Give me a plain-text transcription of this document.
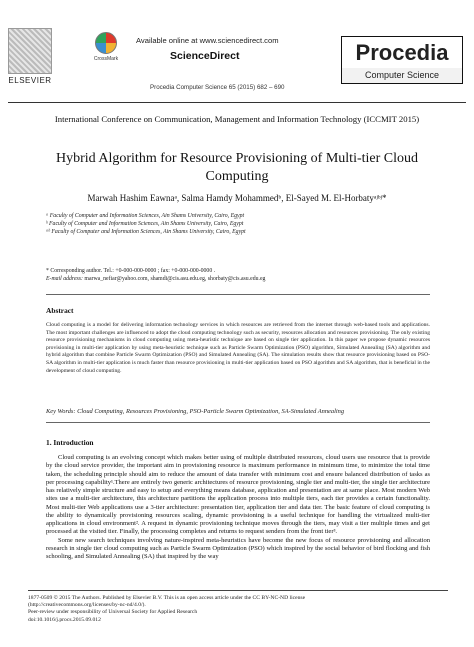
ELSEVIER
CrossMark
Available online at www.sciencedirect.com
ScienceDirect
Procedia Computer Science 65 (2015) 682 – 690
Procedia
Computer Science
International Conference on Communication, Management and Information Technology (ICCMIT 2015)
Hybrid Algorithm for Resource Provisioning of Multi-tier Cloud Computing
Marwah Hashim Eawnaᵃ, Salma Hamdy Mohammedᵇ, El-Sayed M. El-Horbatyᵃʲᵇʲ*
ᵃ Faculty of Computer and Information Sciences, Ain Shams University, Cairo, Egypt
ᵇ Faculty of Computer and Information Sciences, Ain Shams University, Cairo, Egypt
ᵃᵇ Faculty of Computer and Information Sciences, Ain Shams University, Cairo, Egypt
* Corresponding author. Tel.: +0-000-000-0000 ; fax: +0-000-000-0000 .
E-mail address: marwa_nefiar@yahoo.com, shamdi@cis.asu.edu.eg, shorbaty@cis.asu.edu.eg
Abstract
Cloud computing is a model for delivering information technology services in which resources are retrieved from the internet through web-based tools and applications. The most important challenges are influenced to adopt the cloud computing technology such as security, resources allocation and resources provisioning. The only existing resource provisioning mechanisms in cloud computing using meta-heuristic technique are based on single tier application. In this paper we propose dynamic resources provisioning in multi-tier application by using meta-heuristic technique such as Particle Swarm Optimization (PSO) algorithm, Simulated Annealing (SA) algorithm and hybrid algorithm that combine Particle Swarm Optimization (PSO) and Simulated Annealing (SA). The simulation results show that resource provisioning based on PSO-SA algorithm in multi-tier application is much faster than resource provisioning in multi-tier application based on PSO algorithm and SA algorithm, that is beneficial in the development of cloud computing.
Key Words: Cloud Computing, Resources Provisioning, PSO-Particle Swarm Optimization, SA-Simulated Annealing
1. Introduction

Cloud computing is an evolving concept which makes better using of multiple distributed resources, cloud users use resource that is provide by the cloud service provider, the important aim in provisioning resource is maximum performance in minimum time, to minimize the total time taken, the scheduling principle should aim to reduce the amount of data transfer with minimum cost and ensure balanced distribution of tasks as per processing capability¹.There are entirely two generic architectures of resource provisioning, single tier and multi-tier, the single tier architecture has relatively simple structure and easy to setup and everything means database, application and presentation are at same place. Most modern Web sites use a multi-tier architecture, this architecture partitions the application process into multiple tiers, each tier provides a certain functionality. Most multi-tier Web applications use a 3-tier architecture: presentation tier, application tier and data tier. The basic feature of cloud computing is the ability to dynamically provisioning resources scaling, dynamic provisioning is a useful technique for handling the virtualized multi-tier applications in cloud environment². A request in dynamic provisioning technique moves through the tiers, may visit a tier multiple times and get processed at the visited tier. Finally, the processing completes and returns to request senders from the front tier³.

Some new search techniques involving nature-inspired meta-heuristics have become the new focus of resource provisioning and allocation research in single tier cloud computing such as Particle Swarm Optimization (PSO) which inspired by the social behavior of bird flocking and fish schooling, and Simulated Annealing (SA) that inspired by the way

1877-0509 © 2015 The Authors. Published by Elsevier B.V. This is an open access article under the CC BY-NC-ND license
(http://creativecommons.org/licenses/by-nc-nd/4.0/).
Peer-review under responsibility of Universal Society for Applied Research
doi:10.1016/j.procs.2015.09.012
